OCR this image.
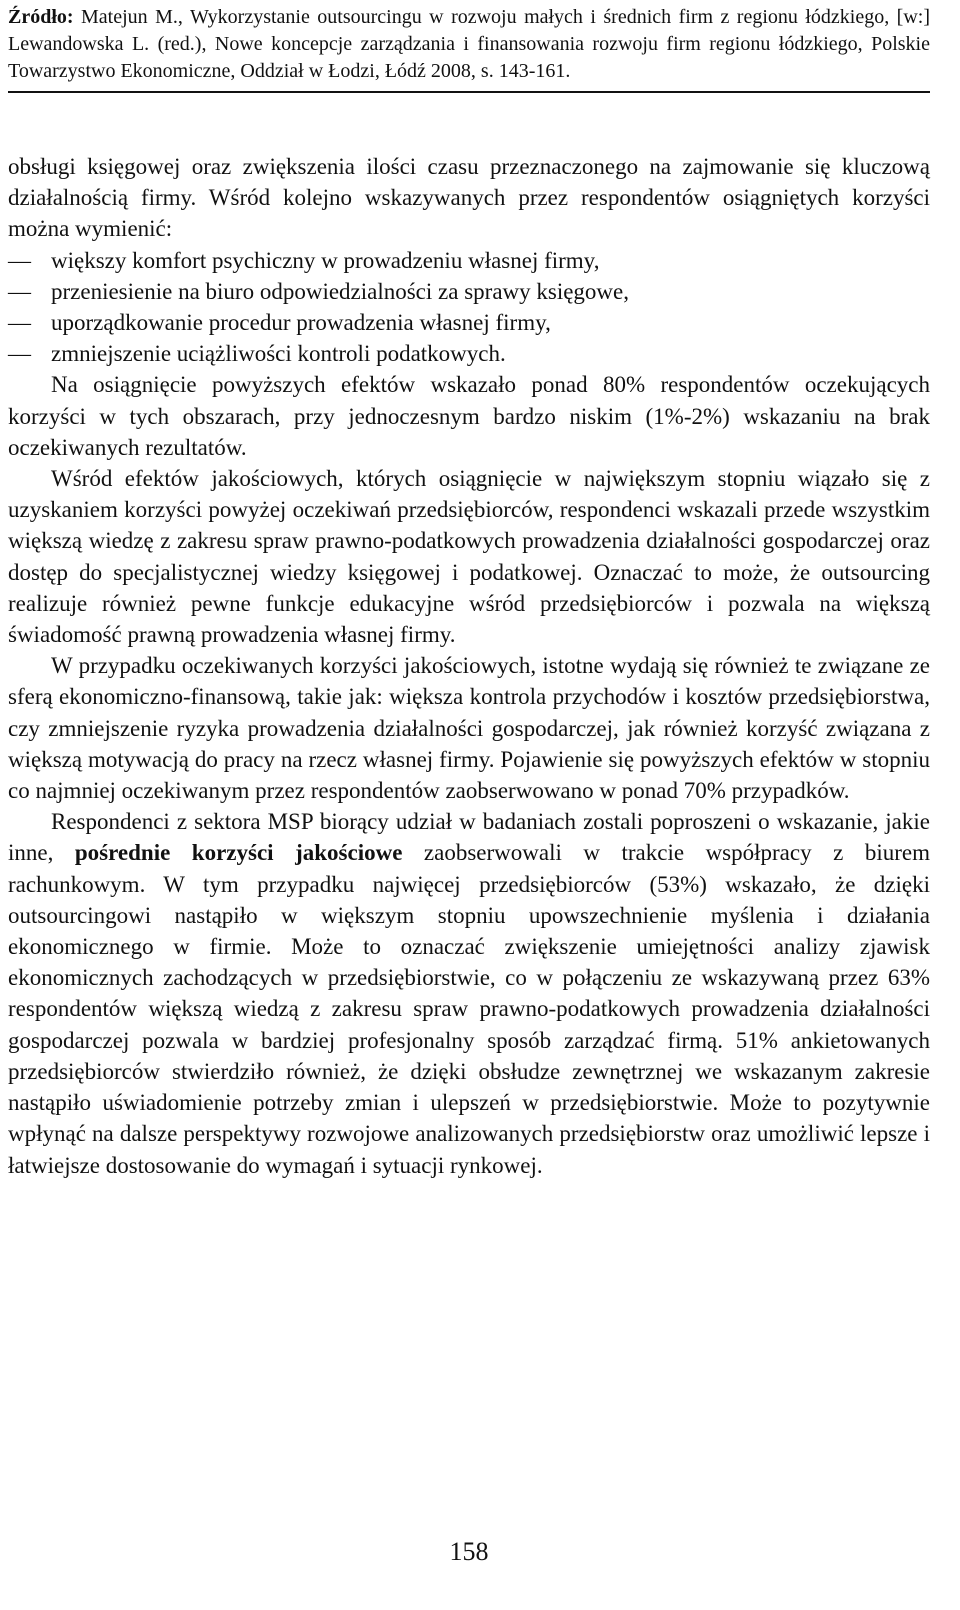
Źródło: Matejun M., Wykorzystanie outsourcingu w rozwoju małych i średnich firm z regionu łódzkiego, [w:] Lewandowska L. (red.), Nowe koncepcje zarządzania i finansowania rozwoju firm regionu łódzkiego, Polskie Towarzystwo Ekonomiczne, Oddział w Łodzi, Łódź 2008, s. 143-161.

obsługi księgowej oraz zwiększenia ilości czasu przeznaczonego na zajmowanie się kluczową działalnością firmy. Wśród kolejno wskazywanych przez respondentów osiągniętych korzyści można wymienić:

— większy komfort psychiczny w prowadzeniu własnej firmy,
— przeniesienie na biuro odpowiedzialności za sprawy księgowe,
— uporządkowanie procedur prowadzenia własnej firmy,
— zmniejszenie uciążliwości kontroli podatkowych.

Na osiągnięcie powyższych efektów wskazało ponad 80% respondentów oczekujących korzyści w tych obszarach, przy jednoczesnym bardzo niskim (1%-2%) wskazaniu na brak oczekiwanych rezultatów.

Wśród efektów jakościowych, których osiągnięcie w największym stopniu wiązało się z uzyskaniem korzyści powyżej oczekiwań przedsiębiorców, respondenci wskazali przede wszystkim większą wiedzę z zakresu spraw prawno-podatkowych prowadzenia działalności gospodarczej oraz dostęp do specjalistycznej wiedzy księgowej i podatkowej. Oznaczać to może, że outsourcing realizuje również pewne funkcje edukacyjne wśród przedsiębiorców i pozwala na większą świadomość prawną prowadzenia własnej firmy.

W przypadku oczekiwanych korzyści jakościowych, istotne wydają się również te związane ze sferą ekonomiczno-finansową, takie jak: większa kontrola przychodów i kosztów przedsiębiorstwa, czy zmniejszenie ryzyka prowadzenia działalności gospodarczej, jak również korzyść związana z większą motywacją do pracy na rzecz własnej firmy. Pojawienie się powyższych efektów w stopniu co najmniej oczekiwanym przez respondentów zaobserwowano w ponad 70% przypadków.

Respondenci z sektora MSP biorący udział w badaniach zostali poproszeni o wskazanie, jakie inne, pośrednie korzyści jakościowe zaobserwowali w trakcie współpracy z biurem rachunkowym. W tym przypadku najwięcej przedsiębiorców (53%) wskazało, że dzięki outsourcingowi nastąpiło w większym stopniu upowszechnienie myślenia i działania ekonomicznego w firmie. Może to oznaczać zwiększenie umiejętności analizy zjawisk ekonomicznych zachodzących w przedsiębiorstwie, co w połączeniu ze wskazywaną przez 63% respondentów większą wiedzą z zakresu spraw prawno-podatkowych prowadzenia działalności gospodarczej pozwala w bardziej profesjonalny sposób zarządzać firmą. 51% ankietowanych przedsiębiorców stwierdziło również, że dzięki obsłudze zewnętrznej we wskazanym zakresie nastąpiło uświadomienie potrzeby zmian i ulepszeń w przedsiębiorstwie. Może to pozytywnie wpłynąć na dalsze perspektywy rozwojowe analizowanych przedsiębiorstw oraz umożliwić lepsze i łatwiejsze dostosowanie do wymagań i sytuacji rynkowej.

158
